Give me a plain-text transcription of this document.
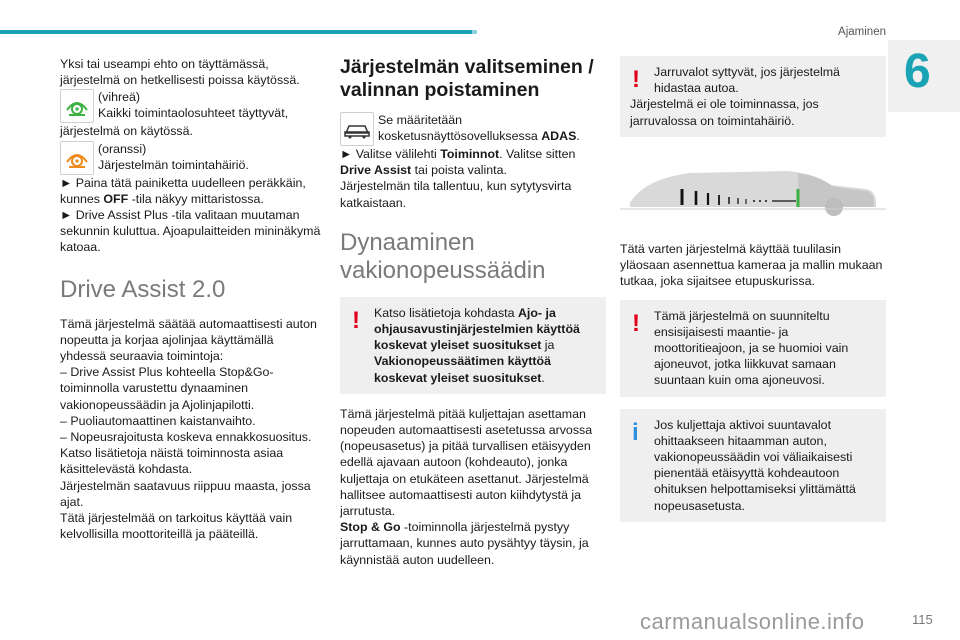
Ajaminen
6

Yksi tai useampi ehto on täyttämässä, järjestelmä on hetkellisesti poissa käytössä.

(vihreä)
Kaikki toimintaolosuhteet täyttyvät,

järjestelmä on käytössä.

(oranssi)
Järjestelmän toimintahäiriö.

► Paina tätä painiketta uudelleen peräkkäin, kunnes OFF -tila näkyy mittaristossa.

► Drive Assist Plus -tila valitaan muutaman sekunnin kuluttua. Ajoapulaitteiden mininäkymä katoaa.

Drive Assist 2.0

Tämä järjestelmä säätää automaattisesti auton nopeutta ja korjaa ajolinjaa käyttämällä yhdessä seuraavia toimintoja:

– Drive Assist Plus kohteella Stop&Go-toiminnolla varustettu dynaaminen vakionopeussäädin ja Ajolinjapilotti.

– Puoliautomaattinen kaistanvaihto.

– Nopeusrajoitusta koskeva ennakkosuositus.

Katso lisätietoja näistä toiminnosta asiaa käsittelevästä kohdasta.

Järjestelmän saatavuus riippuu maasta, jossa ajat.

Tätä järjestelmää on tarkoitus käyttää vain kelvollisilla moottoriteillä ja pääteillä.

Järjestelmän valitseminen / valinnan poistaminen
Se määritetään
kosketusnäyttösovelluksessa ADAS.

► Valitse välilehti Toiminnot. Valitse sitten Drive Assist tai poista valinta.

Järjestelmän tila tallentuu, kun sytytysvirta katkaistaan.

Dynaaminen vakionopeussäädin
!	Katso lisätietoja kohdasta Ajo- ja ohjausavustinjärjestelmien käyttöä koskevat yleiset suositukset ja Vakionopeussäätimen käyttöä koskevat yleiset suositukset.

Tämä järjestelmä pitää kuljettajan asettaman nopeuden automaattisesti asetetussa arvossa (nopeusasetus) ja pitää turvallisen etäisyyden edellä ajavaan autoon (kohdeauto), jonka kuljettaja on etukäteen asettanut. Järjestelmä hallitsee automaattisesti auton kiihdytystä ja jarrutusta.

Stop & Go -toiminnolla järjestelmä pystyy jarruttamaan, kunnes auto pysähtyy täysin, ja käynnistää auton uudelleen.

!	Jarruvalot syttyvät, jos järjestelmä hidastaa autoa.

Järjestelmä ei ole toiminnassa, jos jarruvalossa on toimintahäiriö.

Tätä varten järjestelmä käyttää tuulilasin yläosaan asennettua kameraa ja mallin mukaan tutkaa, joka sijaitsee etupuskurissa.

!	Tämä järjestelmä on suunniteltu ensisijaisesti maantie- ja moottoritieajoon, ja se huomioi vain ajoneuvot, jotka liikkuvat samaan suuntaan kuin oma ajoneuvosi.

i	Jos kuljettaja aktivoi suuntavalot ohittaakseen hitaamman auton, vakionopeussäädin voi väliaikaisesti pienentää etäisyyttä kohdeautoon ohituksen helpottamiseksi ylittämättä nopeusasetusta.

carmanualsonline.info	115
